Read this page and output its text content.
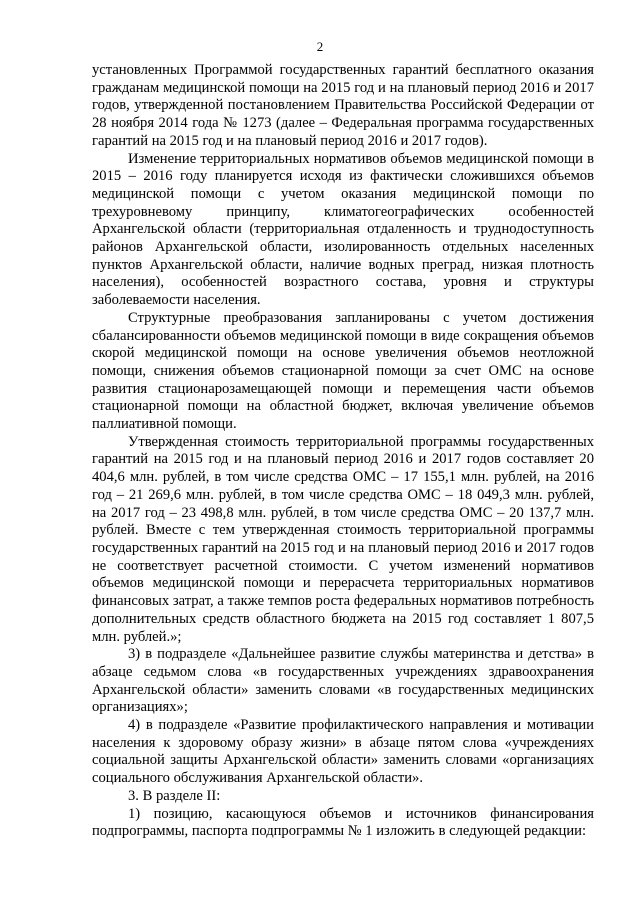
2

установленных Программой государственных гарантий бесплатного оказания гражданам медицинской помощи на 2015 год и на плановый период 2016 и 2017 годов, утвержденной постановлением Правительства Российской Федерации от 28 ноября 2014 года № 1273 (далее – Федеральная программа государственных гарантий на 2015 год и на плановый период 2016 и 2017 годов).

Изменение территориальных нормативов объемов медицинской помощи в 2015 – 2016 году планируется исходя из фактически сложившихся объемов медицинской помощи с учетом оказания медицинской помощи по трехуровневому принципу, климатогеографических особенностей Архангельской области (территориальная отдаленность и труднодоступность районов Архангельской области, изолированность отдельных населенных пунктов Архангельской области, наличие водных преград, низкая плотность населения), особенностей возрастного состава, уровня и структуры заболеваемости населения.

Структурные преобразования запланированы с учетом достижения сбалансированности объемов медицинской помощи в виде сокращения объемов скорой медицинской помощи на основе увеличения объемов неотложной помощи, снижения объемов стационарной помощи за счет ОМС на основе развития стационарозамещающей помощи и перемещения части объемов стационарной помощи на областной бюджет, включая увеличение объемов паллиативной помощи.

Утвержденная стоимость территориальной программы государственных гарантий на 2015 год и на плановый период 2016 и 2017 годов составляет 20 404,6 млн. рублей, в том числе средства ОМС – 17 155,1 млн. рублей, на 2016 год – 21 269,6 млн. рублей, в том числе средства ОМС – 18 049,3 млн. рублей, на 2017 год – 23 498,8 млн. рублей, в том числе средства ОМС – 20 137,7 млн. рублей. Вместе с тем утвержденная стоимость территориальной программы государственных гарантий на 2015 год и на плановый период 2016 и 2017 годов не соответствует расчетной стоимости. С учетом изменений нормативов объемов медицинской помощи и перерасчета территориальных нормативов финансовых затрат, а также темпов роста федеральных нормативов потребность дополнительных средств областного бюджета на 2015 год составляет 1 807,5 млн. рублей.»;

3) в подразделе «Дальнейшее развитие службы материнства и детства» в абзаце седьмом слова «в государственных учреждениях здравоохранения Архангельской области» заменить словами «в государственных медицинских организациях»;

4) в подразделе «Развитие профилактического направления и мотивации населения к здоровому образу жизни» в абзаце пятом слова «учреждениях социальной защиты Архангельской области» заменить словами «организациях социального обслуживания Архангельской области».

3. В разделе II:

1) позицию, касающуюся объемов и источников финансирования подпрограммы, паспорта подпрограммы № 1 изложить в следующей редакции:
